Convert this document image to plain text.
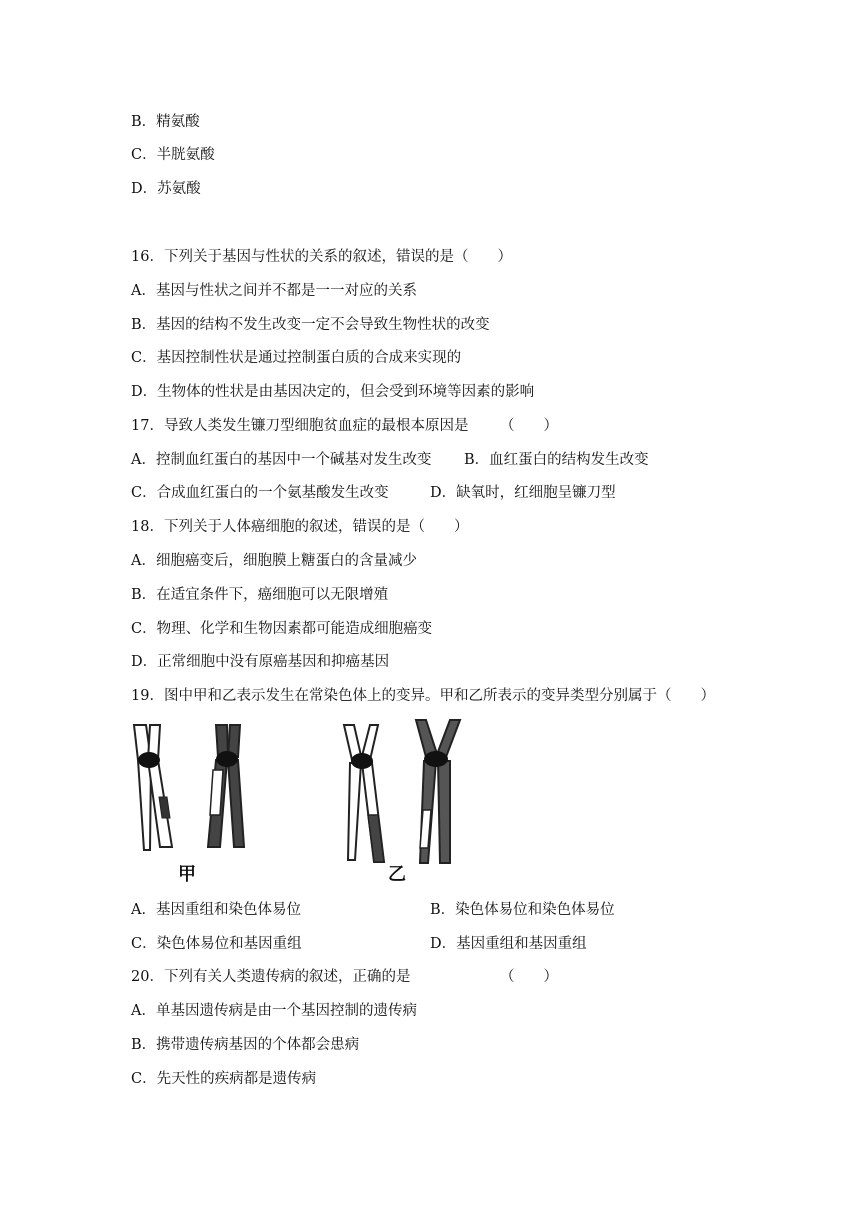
B．精氨酸
C．半胱氨酸
D．苏氨酸
16．下列关于基因与性状的关系的叙述，错误的是（　　）
A．基因与性状之间并不都是一一对应的关系
B．基因的结构不发生改变一定不会导致生物性状的改变
C．基因控制性状是通过控制蛋白质的合成来实现的
D．生物体的性状是由基因决定的，但会受到环境等因素的影响
17．导致人类发生镰刀型细胞贫血症的最根本原因是 （　　）
A．控制血红蛋白的基因中一个碱基对发生改变 B．血红蛋白的结构发生改变
C．合成血红蛋白的一个氨基酸发生改变	D．缺氧时，红细胞呈镰刀型
18．下列关于人体癌细胞的叙述，错误的是（　　）
A．细胞癌变后，细胞膜上糖蛋白的含量减少
B．在适宜条件下，癌细胞可以无限增殖
C．物理、化学和生物因素都可能造成细胞癌变
D．正常细胞中没有原癌基因和抑癌基因
19．图中甲和乙表示发生在常染色体上的变异。甲和乙所表示的变异类型分别属于（　　）
甲	乙
A．基因重组和染色体易位	B．染色体易位和染色体易位
C．染色体易位和基因重组	D．基因重组和基因重组
20．下列有关人类遗传病的叙述，正确的是	（　　）
A．单基因遗传病是由一个基因控制的遗传病
B．携带遗传病基因的个体都会患病
C．先天性的疾病都是遗传病
